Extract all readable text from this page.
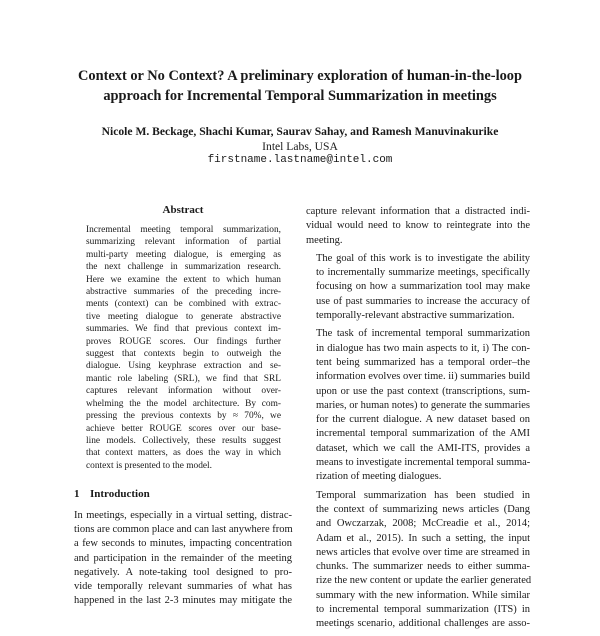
Context or No Context? A preliminary exploration of human-in-the-loop
approach for Incremental Temporal Summarization in meetings

Nicole M. Beckage, Shachi Kumar, Saurav Sahay, and Ramesh Manuvinakurike

Intel Labs, USA

firstname.lastname@intel.com

Abstract
Incremental meeting temporal summarization,
summarizing relevant information of partial
multi-party meeting dialogue, is emerging as
the next challenge in summarization research.
Here we examine the extent to which human
abstractive summaries of the preceding incre-
ments (context) can be combined with extrac-
tive meeting dialogue to generate abstractive
summaries. We find that previous context im-
proves ROUGE scores. Our findings further
suggest that contexts begin to outweigh the
dialogue. Using keyphrase extraction and se-
mantic role labeling (SRL), we find that SRL
captures relevant information without over-
whelming the the model architecture. By com-
pressing the previous contexts by ≈ 70%, we
achieve better ROUGE scores over our base-
line models. Collectively, these results suggest
that context matters, as does the way in which
context is presented to the model.
1 Introduction
In meetings, especially in a virtual setting, distrac-
tions are common place and can last anywhere from
a few seconds to minutes, impacting concentration
and participation in the remainder of the meeting
negatively. A note-taking tool designed to pro-
vide temporally relevant summaries of what has
happened in the last 2-3 minutes may mitigate the

capture relevant information that a distracted indi-
vidual would need to know to reintegrate into the
meeting.

The goal of this work is to investigate the ability
to incrementally summarize meetings, specifically
focusing on how a summarization tool may make
use of past summaries to increase the accuracy of
temporally-relevant abstractive summarization.

The task of incremental temporal summarization
in dialogue has two main aspects to it, i) The con-
tent being summarized has a temporal order–the
information evolves over time. ii) summaries build
upon or use the past context (transcriptions, sum-
maries, or human notes) to generate the summaries
for the current dialogue. A new dataset based on
incremental temporal summarization of the AMI
dataset, which we call the AMI-ITS, provides a
means to investigate incremental temporal summa-
rization of meeting dialogues.

Temporal summarization has been studied in
the context of summarizing news articles (Dang
and Owczarzak, 2008; McCreadie et al., 2014;
Adam et al., 2015). In such a setting, the input
news articles that evolve over time are streamed in
chunks. The summarizer needs to either summa-
rize the new content or update the earlier generated
summary with the new information. While similar
to incremental temporal summarization (ITS) in
meetings scenario, additional challenges are asso-
